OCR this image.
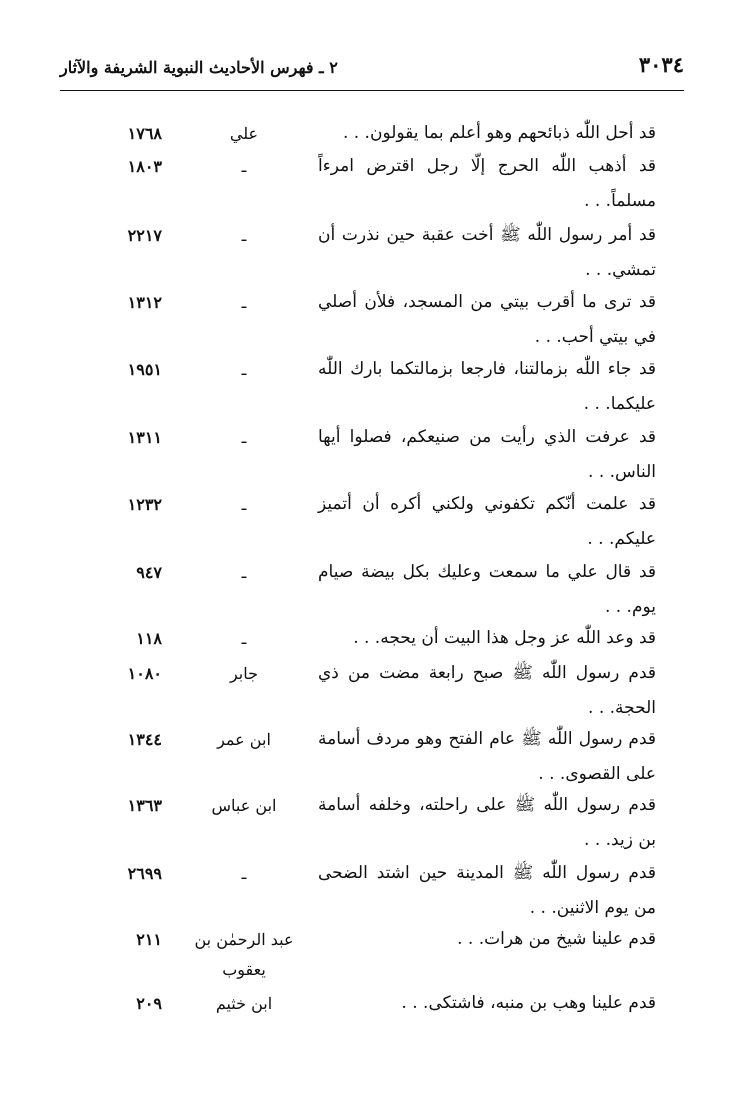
٣٠٣٤
٢ ـ فهرس الأحاديث النبوية الشريفة والآثار
قد أحل اللّٰه ذبائحهم وهو أعلم بما يقولون. . .
علي
١٧٦٨
قد أذهب اللّٰه الحرج إلّا رجل اقترض امرءاً مسلماً. . .
ـ
١٨٠٣
قد أمر رسول اللّٰه ﷺ أخت عقبة حين نذرت أن تمشي. . .
ـ
٢٢١٧
قد ترى ما أقرب بيتي من المسجد، فلأن أصلي في بيتي أحب. . .
ـ
١٣١٢
قد جاء اللّٰه بزمالتنا، فارجعا بزمالتكما بارك اللّٰه عليكما. . .
ـ
١٩٥١
قد عرفت الذي رأيت من صنيعكم، فصلوا أيها الناس. . .
ـ
١٣١١
قد علمت أنّكم تكفوني ولكني أكره أن أتميز عليكم. . .
ـ
١٢٣٢
قد قال علي ما سمعت وعليك بكل بيضة صيام يوم. . .
ـ
٩٤٧
قد وعد اللّٰه عز وجل هذا البيت أن يحجه. . .
ـ
١١٨
قدم رسول اللّٰه ﷺ صبح رابعة مضت من ذي الحجة. . .
جابر
١٠٨٠
قدم رسول اللّٰه ﷺ عام الفتح وهو مردف أسامة على القصوى. . .
ابن عمر
١٣٤٤
قدم رسول اللّٰه ﷺ على راحلته، وخلفه أسامة بن زيد. . .
ابن عباس
١٣٦٣
قدم رسول اللّٰه ﷺ المدينة حين اشتد الضحى من يوم الاثنين. . .
ـ
٢٦٩٩
قدم علينا شيخ من هرات. . .
عبد الرحمٰن بن يعقوب
٢١١
قدم علينا وهب بن منبه، فاشتكى. . .
ابن خثيم
٢٠٩
